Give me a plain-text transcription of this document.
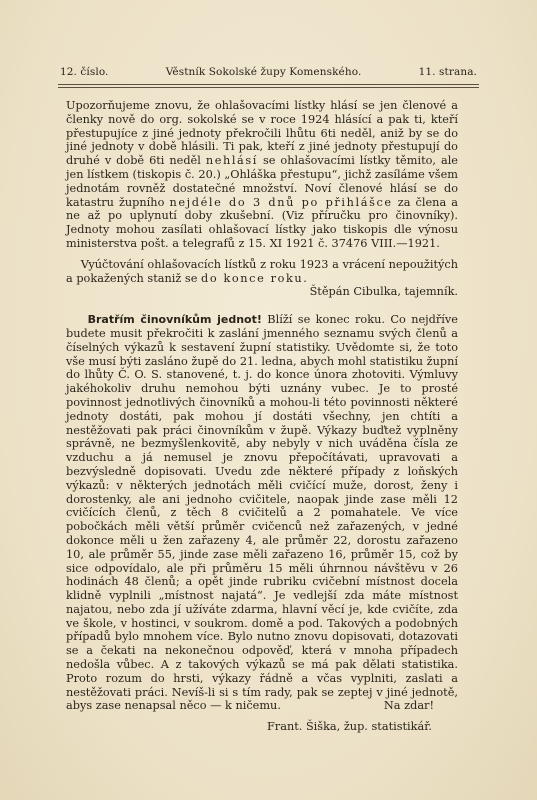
12. číslo.	Věstník Sokolské župy Komenského.	11. strana.

Upozorňujeme znovu, že ohlašovacími lístky hlásí se jen členové a členky nově do org. sokolské se v roce 1924 hlásící a pak ti, kteří přestupujíce z jiné jednoty překročili lhůtu 6ti neděl, aniž by se do jiné jednoty v době hlásili. Ti pak, kteří z jiné jednoty přestupují do druhé v době 6ti neděl nehlásí se ohlašovacími lístky těmito, ale jen lístkem (tiskopis č. 20.) „Ohláška přestupu“, jichž zasíláme všem jednotám rovněž dostatečné množství. Noví členové hlásí se do katastru župního nejdéle do 3 dnů po přihlášce za člena a ne až po uplynutí doby zkušební. (Viz příručku pro činovníky). Jednoty mohou zasílati ohlašovací lístky jako tiskopis dle výnosu ministerstva pošt. a telegrafů z 15. XI 1921 č. 37476 VIII.—1921.

Vyúčtování ohlašovacích lístků z roku 1923 a vrácení nepoužitých a pokažených staniž se do konce roku.

Štěpán Cibulka, tajemník.

Bratřím činovníkům jednot! Blíží se konec roku. Co nejdříve budete musit překročiti k zaslání jmenného seznamu svých členů a číselných výkazů k sestavení župní statistiky. Uvědomte si, že toto vše musí býti zasláno župě do 21. ledna, abych mohl statistiku župní do lhůty Č. O. S. stanovené, t. j. do konce února zhotoviti. Výmluvy jakéhokoliv druhu nemohou býti uznány vubec. Je to prosté povinnost jednotlivých činovníků a mohou-li této povinnosti některé jednoty dostáti, pak mohou jí dostáti všechny, jen chtíti a nestěžovati pak práci činovníkům v župě. Výkazy buďtež vyplněny správně, ne bezmyšlenkovitě, aby nebyly v nich uváděna čísla ze vzduchu a já nemusel je znovu přepočítávati, upravovati a bezvýsledně dopisovati. Uvedu zde některé případy z loňských výkazů: v některých jednotách měli cvičící muže, dorost, ženy i dorostenky, ale ani jednoho cvičitele, naopak jinde zase měli 12 cvičících členů, z těch 8 cvičitelů a 2 pomahatele. Ve více pobočkách měli větší průměr cvičenců než zařazených, v jedné dokonce měli u žen zařazeny 4, ale průměr 22, dorostu zařazeno 10, ale průměr 55, jinde zase měli zařazeno 16, průměr 15, což by sice odpovídalo, ale při průměru 15 měli úhrnnou návštěvu v 26 hodinách 48 členů; a opět jinde rubriku cvičební místnost docela klidně vyplnili „místnost najatá“. Je vedlejší zda máte místnost najatou, nebo zda jí užíváte zdarma, hlavní věcí je, kde cvičíte, zda ve škole, v hostinci, v soukrom. domě a pod. Takových a podobných případů bylo mnohem více. Bylo nutno znovu dopisovati, dotazovati se a čekati na nekonečnou odpověď, která v mnoha případech nedošla vůbec. A z takových výkazů se má pak dělati statistika. Proto rozum do hrsti, výkazy řádně a včas vyplniti, zaslati a nestěžovati práci. Nevíš-li si s tím rady, pak se zeptej v jiné jednotě, abys zase nenapsal něco — k ničemu.	Na zdar!

Frant. Šiška, žup. statistikář.
